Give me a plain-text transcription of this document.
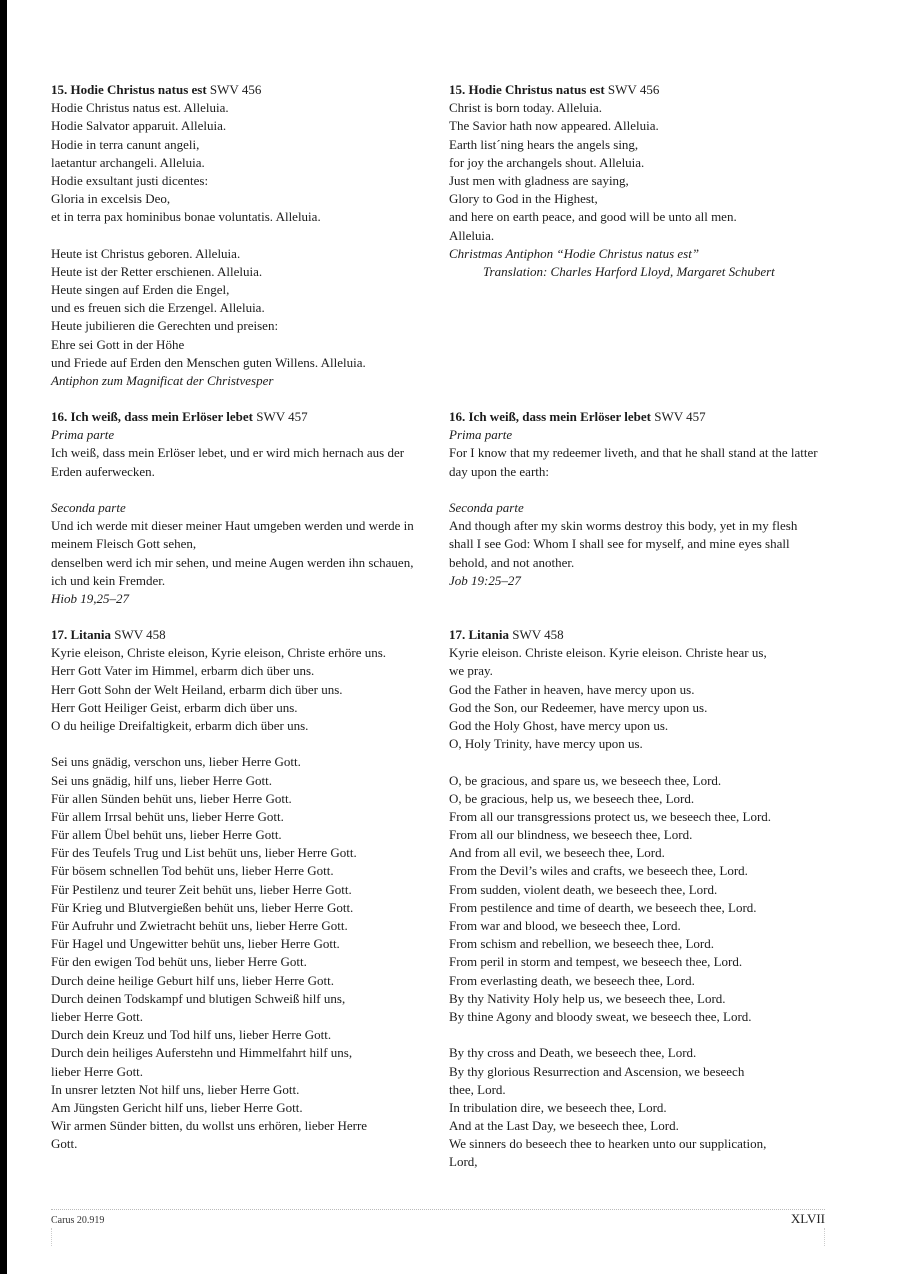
15. Hodie Christus natus est SWV 456
Hodie Christus natus est. Alleluia.
Hodie Salvator apparuit. Alleluia.
Hodie in terra canunt angeli,
laetantur archangeli. Alleluia.
Hodie exsultant justi dicentes:
Gloria in excelsis Deo,
et in terra pax hominibus bonae voluntatis. Alleluia.
Heute ist Christus geboren. Alleluia.
Heute ist der Retter erschienen. Alleluia.
Heute singen auf Erden die Engel,
und es freuen sich die Erzengel. Alleluia.
Heute jubilieren die Gerechten und preisen:
Ehre sei Gott in der Höhe
und Friede auf Erden den Menschen guten Willens. Alleluia.
Antiphon zum Magnificat der Christvesper
16. Ich weiß, dass mein Erlöser lebet SWV 457
Prima parte
Ich weiß, dass mein Erlöser lebet, und er wird mich hernach aus der Erden auferwecken.
Seconda parte
Und ich werde mit dieser meiner Haut umgeben werden und werde in meinem Fleisch Gott sehen,
denselben werd ich mir sehen, und meine Augen werden ihn schauen, ich und kein Fremder.
Hiob 19,25–27
17. Litania SWV 458
Kyrie eleison, Christe eleison, Kyrie eleison, Christe erhöre uns.
Herr Gott Vater im Himmel, erbarm dich über uns.
Herr Gott Sohn der Welt Heiland, erbarm dich über uns.
Herr Gott Heiliger Geist, erbarm dich über uns.
O du heilige Dreifaltigkeit, erbarm dich über uns.
Sei uns gnädig, verschon uns, lieber Herre Gott.
Sei uns gnädig, hilf uns, lieber Herre Gott.
Für allen Sünden behüt uns, lieber Herre Gott.
Für allem Irrsal behüt uns, lieber Herre Gott.
Für allem Übel behüt uns, lieber Herre Gott.
Für des Teufels Trug und List behüt uns, lieber Herre Gott.
Für bösem schnellen Tod behüt uns, lieber Herre Gott.
Für Pestilenz und teurer Zeit behüt uns, lieber Herre Gott.
Für Krieg und Blutvergießen behüt uns, lieber Herre Gott.
Für Aufruhr und Zwietracht behüt uns, lieber Herre Gott.
Für Hagel und Ungewitter behüt uns, lieber Herre Gott.
Für den ewigen Tod behüt uns, lieber Herre Gott.
Durch deine heilige Geburt hilf uns, lieber Herre Gott.
Durch deinen Todskampf und blutigen Schweiß hilf uns,
lieber Herre Gott.
Durch dein Kreuz und Tod hilf uns, lieber Herre Gott.
Durch dein heiliges Auferstehn und Himmelfahrt hilf uns,
lieber Herre Gott.
In unsrer letzten Not hilf uns, lieber Herre Gott.
Am Jüngsten Gericht hilf uns, lieber Herre Gott.
Wir armen Sünder bitten, du wollst uns erhören, lieber Herre
Gott.
15. Hodie Christus natus est SWV 456
Christ is born today. Alleluia.
The Savior hath now appeared. Alleluia.
Earth list´ning hears the angels sing,
for joy the archangels shout. Alleluia.
Just men with gladness are saying,
Glory to God in the Highest,
and here on earth peace, and good will be unto all men.
Alleluia.
Christmas Antiphon “Hodie Christus natus est”
Translation: Charles Harford Lloyd, Margaret Schubert
16. Ich weiß, dass mein Erlöser lebet SWV 457
Prima parte
For I know that my redeemer liveth, and that he shall stand at the latter day upon the earth:
Seconda parte
And though after my skin worms destroy this body, yet in my flesh shall I see God: Whom I shall see for myself, and mine eyes shall behold, and not another.
Job 19:25–27
17. Litania SWV 458
Kyrie eleison. Christe eleison. Kyrie eleison. Christe hear us,
we pray.
God the Father in heaven, have mercy upon us.
God the Son, our Redeemer, have mercy upon us.
God the Holy Ghost, have mercy upon us.
O, Holy Trinity, have mercy upon us.
O, be gracious, and spare us, we beseech thee, Lord.
O, be gracious, help us, we beseech thee, Lord.
From all our transgressions protect us, we beseech thee, Lord.
From all our blindness, we beseech thee, Lord.
And from all evil, we beseech thee, Lord.
From the Devil’s wiles and crafts, we beseech thee, Lord.
From sudden, violent death, we beseech thee, Lord.
From pestilence and time of dearth, we beseech thee, Lord.
From war and blood, we beseech thee, Lord.
From schism and rebellion, we beseech thee, Lord.
From peril in storm and tempest, we beseech thee, Lord.
From everlasting death, we beseech thee, Lord.
By thy Nativity Holy help us, we beseech thee, Lord.
By thine Agony and bloody sweat, we beseech thee, Lord.
By thy cross and Death, we beseech thee, Lord.
By thy glorious Resurrection and Ascension, we beseech
thee, Lord.
In tribulation dire, we beseech thee, Lord.
And at the Last Day, we beseech thee, Lord.
We sinners do beseech thee to hearken unto our supplication,
Lord,
Carus 20.919	XLVII
